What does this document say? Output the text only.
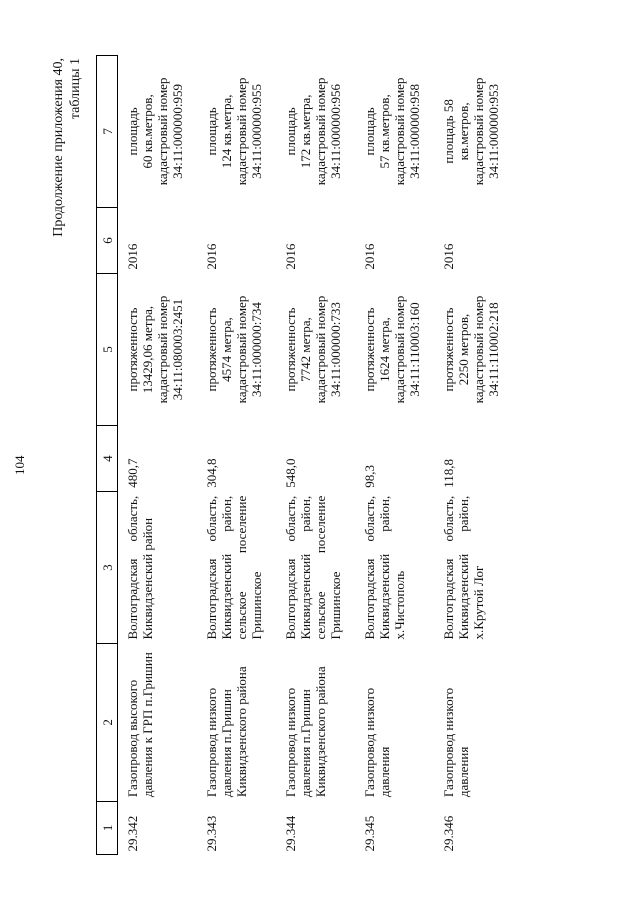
104
Продолжение приложения 40, таблицы 1
1	2	3	4	5	6	7
29.342	Газопровод высокого давления к ГРП п.Гришин	Волгоградская область, Киквидзенский район	480,7	протяженность
13429,06 метра,
кадастровый номер
34:11:080003:2451	2016	площадь
60 кв.метров,
кадастровый номер
34:11:000000:959

29.343	Газопровод низкого давления п.Гришин Киквидзенского района	Волгоградская область, Киквидзенский район, сельское поселение Гришинское	304,8	протяженность
4574 метра,
кадастровый номер
34:11:000000:734	2016	площадь
124 кв.метра,
кадастровый номер
34:11:000000:955

29.344	Газопровод низкого давления п.Гришин Киквидзенского района	Волгоградская область, Киквидзенский район, сельское поселение Гришинское	548,0	протяженность
7742 метра,
кадастровый номер
34:11:000000:733	2016	площадь
172 кв.метра,
кадастровый номер
34:11:000000:956

29.345	Газопровод низкого давления	Волгоградская область, Киквидзенский район, х.Чистополь	98,3	протяженность
1624 метра,
кадастровый номер
34:11:110003:160	2016	площадь
57 кв.метров,
кадастровый номер
34:11:000000:958

29.346	Газопровод низкого давления	Волгоградская область, Киквидзенский район, х.Крутой Лог	118,8	протяженность
2250 метров,
кадастровый номер
34:11:110002:218	2016	площадь 58
кв.метров,
кадастровый номер
34:11:000000:953
